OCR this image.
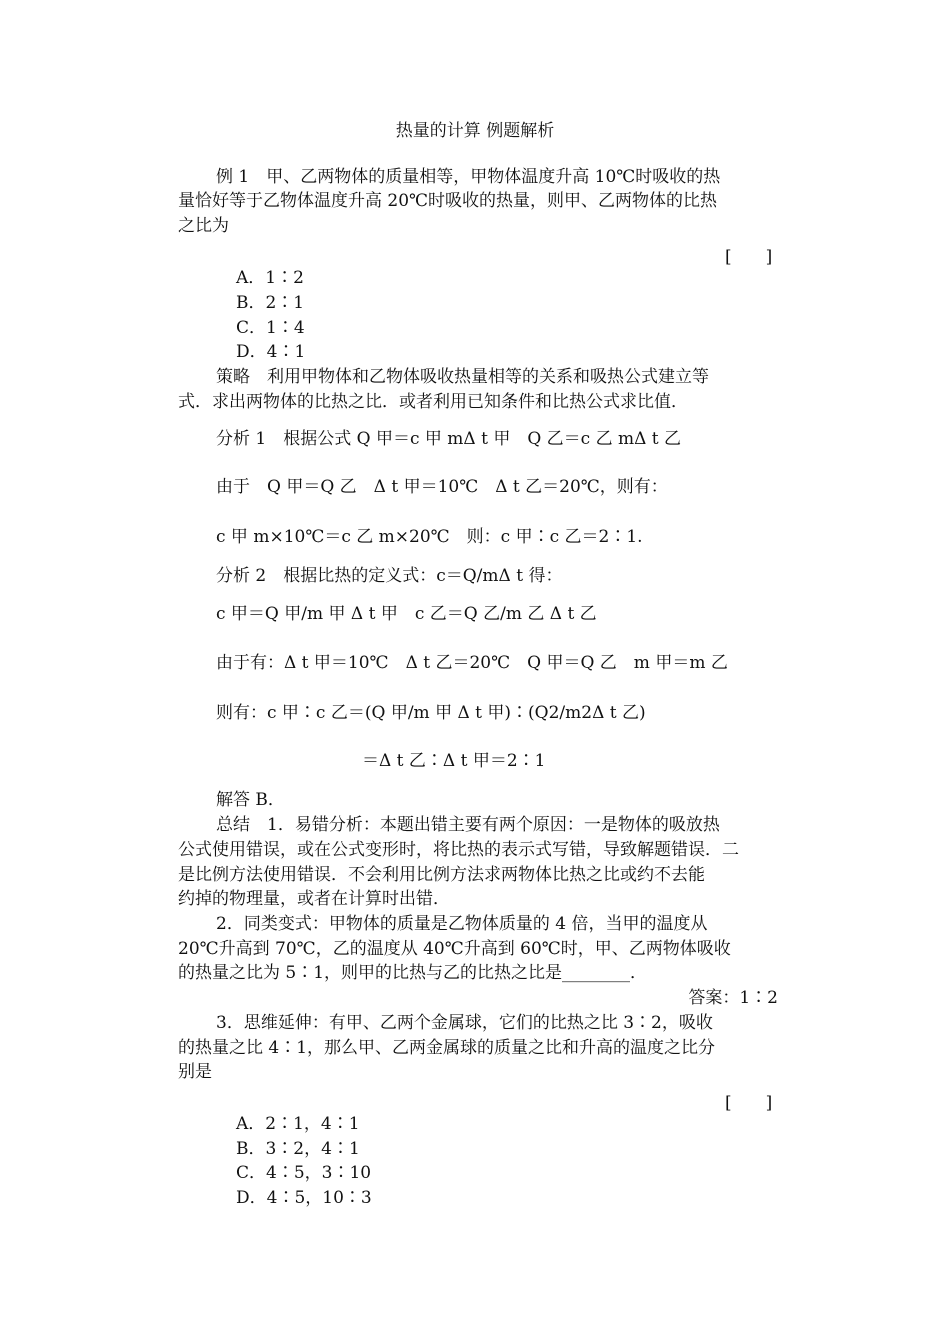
热量的计算 例题解析
例 1　甲、乙两物体的质量相等，甲物体温度升高 10℃时吸收的热
量恰好等于乙物体温度升高 20℃时吸收的热量，则甲、乙两物体的比热
之比为
[　　]
A．1∶2
B．2∶1
C．1∶4
D．4∶1
策略　利用甲物体和乙物体吸收热量相等的关系和吸热公式建立等
式．求出两物体的比热之比．或者利用已知条件和比热公式求比值．
分析 1　根据公式 Q 甲＝c 甲 mΔ t 甲　Q 乙＝c 乙 mΔ t 乙
由于　Q 甲＝Q 乙　Δ t 甲＝10℃　Δ t 乙＝20℃，则有：
c 甲 m×10℃＝c 乙 m×20℃　则：c 甲∶c 乙＝2∶1.
分析 2　根据比热的定义式：c＝Q/mΔ t 得：
c 甲＝Q 甲/m 甲 Δ t 甲　c 乙＝Q 乙/m 乙 Δ t 乙
由于有：Δ t 甲＝10℃　Δ t 乙＝20℃　Q 甲＝Q 乙　m 甲＝m 乙
则有：c 甲∶c 乙＝(Q 甲/m 甲 Δ t 甲)∶(Q2/m2Δ t 乙)
＝Δ t 乙∶Δ t 甲＝2∶1
解答 B．
总结　1．易错分析：本题出错主要有两个原因：一是物体的吸放热
公式使用错误，或在公式变形时，将比热的表示式写错，导致解题错误．二
是比例方法使用错误．不会利用比例方法求两物体比热之比或约不去能
约掉的物理量，或者在计算时出错．
2．同类变式：甲物体的质量是乙物体质量的 4 倍，当甲的温度从
20℃升高到 70℃，乙的温度从 40℃升高到 60℃时，甲、乙两物体吸收
的热量之比为 5∶1，则甲的比热与乙的比热之比是________．
答案：1∶2
3．思维延伸：有甲、乙两个金属球，它们的比热之比 3∶2，吸收
的热量之比 4∶1，那么甲、乙两金属球的质量之比和升高的温度之比分
别是
[　　]
A．2∶1，4∶1
B．3∶2，4∶1
C．4∶5，3∶10
D．4∶5，10∶3
